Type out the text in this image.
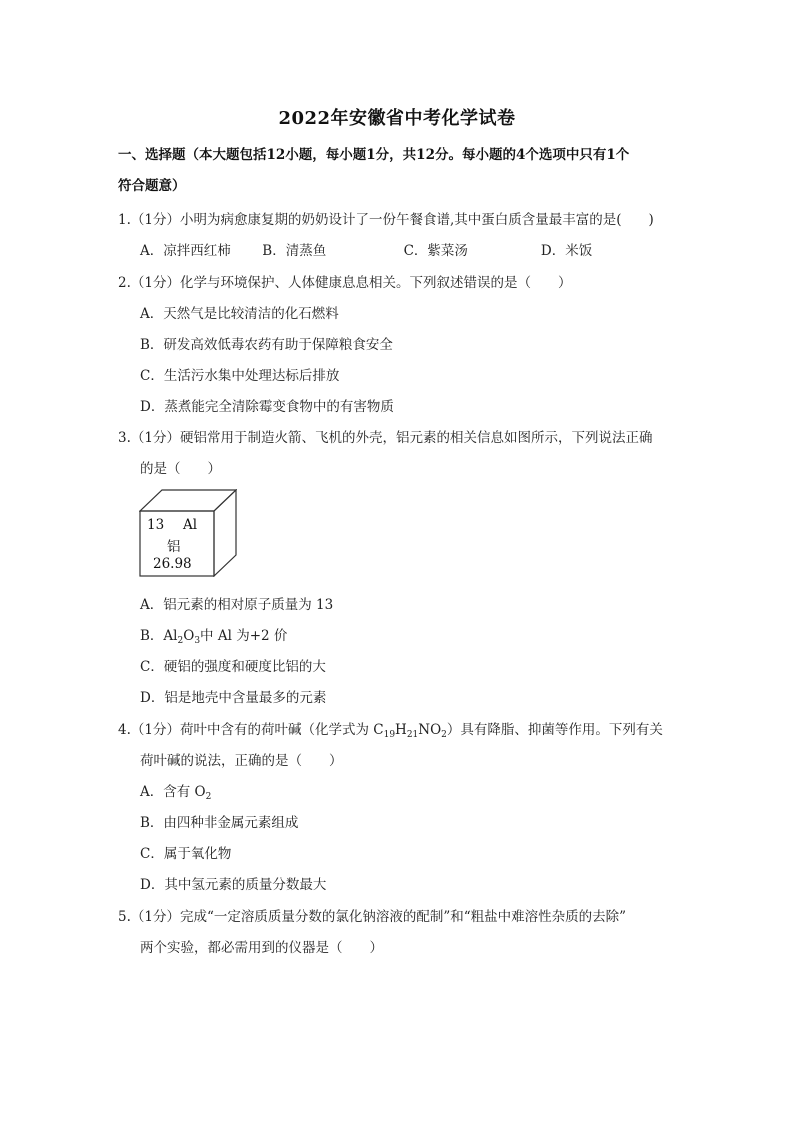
2022年安徽省中考化学试卷
一、选择题（本大题包括12小题，每小题1分，共12分。每小题的4个选项中只有1个
符合题意）
1.（1分）小明为病愈康复期的奶奶设计了一份午餐食谱,其中蛋白质含量最丰富的是(　　)
A．凉拌西红柿 B．清蒸鱼	C．紫菜汤	D．米饭
2.（1分）化学与环境保护、人体健康息息相关。下列叙述错误的是（　　）
A．天然气是比较清洁的化石燃料
B．研发高效低毒农药有助于保障粮食安全
C．生活污水集中处理达标后排放
D．蒸煮能完全清除霉变食物中的有害物质
3.（1分）硬铝常用于制造火箭、飞机的外壳，铝元素的相关信息如图所示，下列说法正确
的是（　　）
13 Al
铝
26.98
A．铝元素的相对原子质量为 13
B．$Al_2O_3$中 Al 为+2 价
C．硬铝的强度和硬度比铝的大
D．铝是地壳中含量最多的元素
4.（1分）荷叶中含有的荷叶碱（化学式为 $C_{19}H_{21}NO_2$）具有降脂、抑菌等作用。下列有关
荷叶碱的说法，正确的是（　　）
A．含有 $O_2$
B．由四种非金属元素组成
C．属于氧化物
D．其中氢元素的质量分数最大
5.（1分）完成“一定溶质质量分数的氯化钠溶液的配制”和“粗盐中难溶性杂质的去除”
两个实验，都必需用到的仪器是（　　）
